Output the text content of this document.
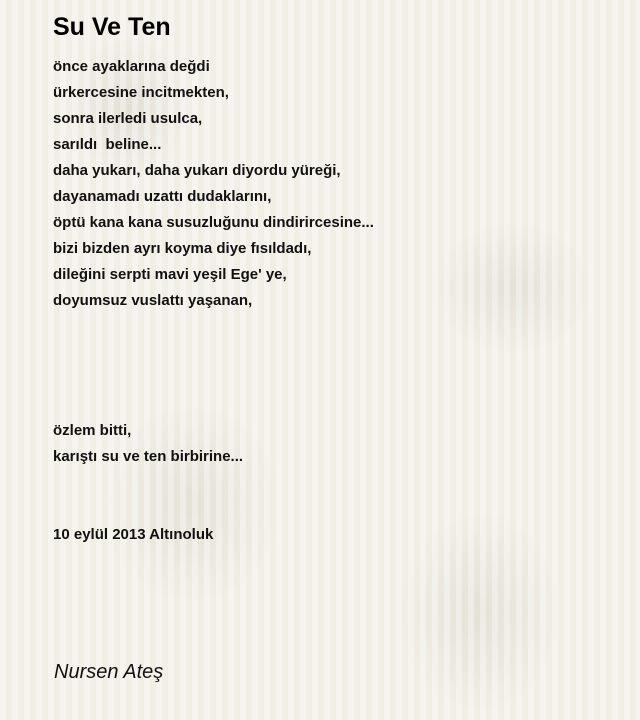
Su Ve Ten
önce ayaklarına değdi
ürkercesine incitmekten,
sonra ilerledi usulca,
sarıldı  beline...
daha yukarı, daha yukarı diyordu yüreği,
dayanamadı uzattı dudaklarını,
öptü kana kana susuzluğunu dindirircesine...
bizi bizden ayrı koyma diye fısıldadı,
dileğini serpti mavi yeşil Ege' ye,
doyumsuz vuslattı yaşanan,
özlem bitti,
karıştı su ve ten birbirine...
10 eylül 2013 Altınoluk
Nursen Ateş
